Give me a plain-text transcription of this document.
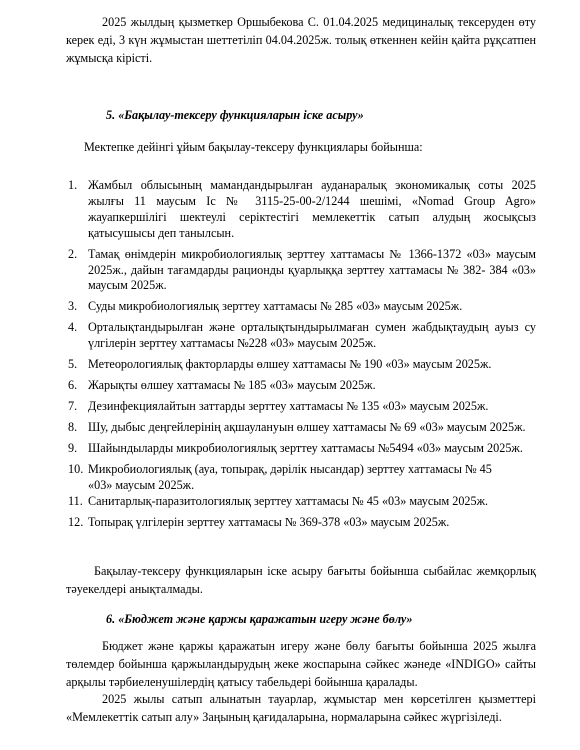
2025 жылдың қызметкер Оршыбекова С. 01.04.2025 медициналық тексеруден өту керек еді, 3 күн жұмыстан шеттетіліп 04.04.2025ж. толық өткеннен кейін қайта рұқсатпен жұмысқа кірісті.

5. «Бақылау-тексеру функцияларын іске асыру»

Мектепке дейінгі ұйым бақылау-тексеру функциялары бойынша:

1. Жамбыл облысының мамандандырылған ауданаралық экономикалық соты 2025 жылғы 11 маусым Іс № 3115-25-00-2/1244 шешімі, «Nomad Group Agro» жауапкершілігі шектеулі серіктестігі мемлекеттік сатып алудың жосықсыз қатысушысы деп танылсын.
2. Тамақ өнімдерін микробиологиялық зерттеу хаттамасы № 1366-1372 «03» маусым 2025ж., дайын тағамдарды рационды қуарлыққа зерттеу хаттамасы № 382- 384 «03» маусым 2025ж.
3. Суды микробиологиялық зерттеу хаттамасы № 285 «03» маусым 2025ж.
4. Орталықтандырылған және орталықтындырылмаған сумен жабдықтаудың ауыз су үлгілерін зерттеу хаттамасы №228 «03» маусым 2025ж.
5. Метеорологиялық факторларды өлшеу хаттамасы № 190 «03» маусым 2025ж.
6. Жарықты өлшеу хаттамасы № 185 «03» маусым 2025ж.
7. Дезинфекциялайтын заттарды зерттеу хаттамасы № 135 «03» маусым 2025ж.
8. Шу, дыбыс деңгейлерінің ақшаулануын өлшеу хаттамасы № 69 «03» маусым 2025ж.
9. Шайындыларды микробиологиялық зерттеу хаттамасы №5494 «03» маусым 2025ж.
10. Микробиологиялық (ауа, топырақ, дәрілік нысандар) зерттеу хаттамасы № 45
«03» маусым 2025ж.
11. Санитарлық-паразитологиялық зерттеу хаттамасы № 45 «03» маусым 2025ж.
12. Топырақ үлгілерін зерттеу хаттамасы № 369-378 «03» маусым 2025ж.

Бақылау-тексеру функцияларын іске асыру бағыты бойынша сыбайлас жемқорлық тәуекелдері анықталмады.

6. «Бюджет және қаржы қаражатын игеру және бөлу»

Бюджет және қаржы қаражатын игеру және бөлу бағыты бойынша 2025 жылға төлемдер бойынша қаржыландырудың жеке жоспарына сәйкес жәнеде «INDIGO» сайты арқылы тәрбиеленушілердің қатысу табельдері бойынша қаралады.

2025 жылы сатып алынатын тауарлар, жұмыстар мен көрсетілген қызметтері «Мемлекеттік сатып алу» Заңының қағидаларына, нормаларына сәйкес жүргізіледі.
